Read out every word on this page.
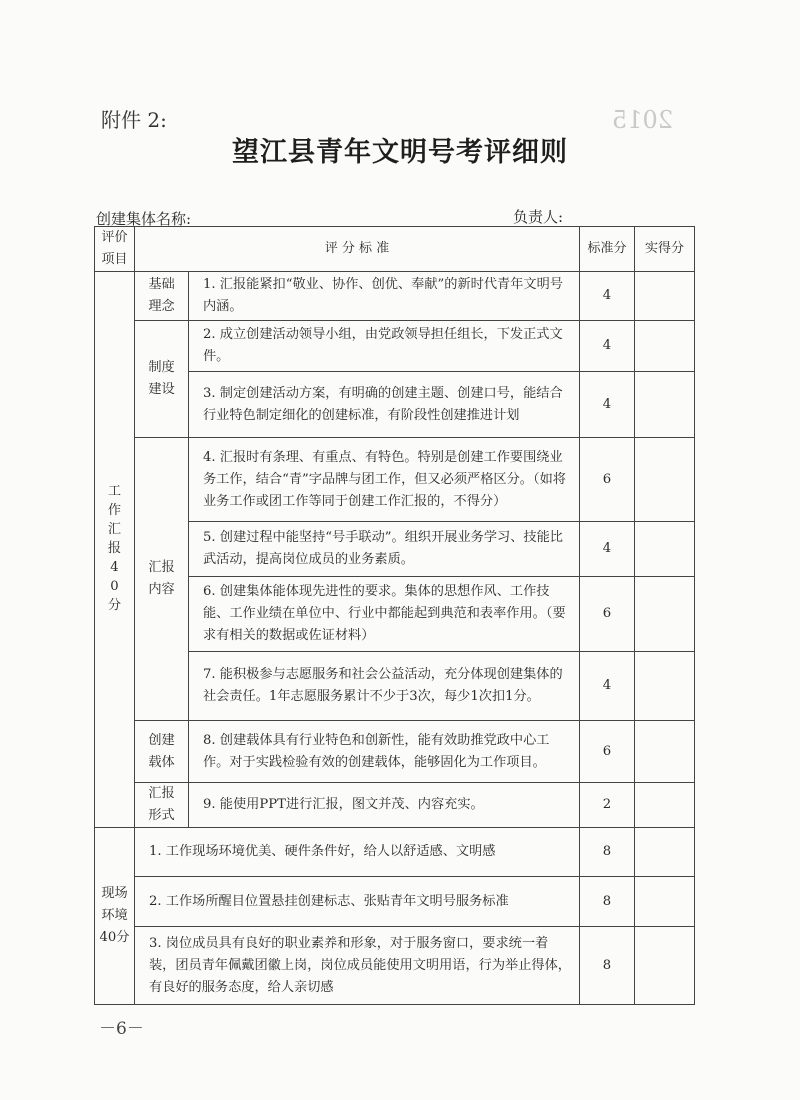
2015
附件 2:
望江县青年文明号考评细则
创建集体名称:	负责人:
评价项目	评 分 标 准		标准分	实得分
工作汇报40分	基础理念	1. 汇报能紧扣“敬业、协作、创优、奉献”的新时代青年文明号内涵。	4	
	制度建设	2. 成立创建活动领导小组，由党政领导担任组长，下发正式文件。	4	
		3. 制定创建活动方案，有明确的创建主题、创建口号，能结合行业特色制定细化的创建标准，有阶段性创建推进计划	4	
	汇报内容	4. 汇报时有条理、有重点、有特色。特别是创建工作要围绕业务工作，结合“青”字品牌与团工作，但又必须严格区分。（如将业务工作或团工作等同于创建工作汇报的，不得分）	6	
		5. 创建过程中能坚持“号手联动”。组织开展业务学习、技能比武活动，提高岗位成员的业务素质。	4	
		6. 创建集体能体现先进性的要求。集体的思想作风、工作技能、工作业绩在单位中、行业中都能起到典范和表率作用。（要求有相关的数据或佐证材料）	6	
		7. 能积极参与志愿服务和社会公益活动，充分体现创建集体的社会责任。1年志愿服务累计不少于3次，每少1次扣1分。	4	
	创建载体	8. 创建载体具有行业特色和创新性，能有效助推党政中心工作。对于实践检验有效的创建载体，能够固化为工作项目。	6	
	汇报形式	9. 能使用PPT进行汇报，图文并茂、内容充实。	2	
现场环境40分	1. 工作现场环境优美、硬件条件好，给人以舒适感、文明感		8	
	2. 工作场所醒目位置悬挂创建标志、张贴青年文明号服务标准		8	
	3. 岗位成员具有良好的职业素养和形象，对于服务窗口，要求统一着装，团员青年佩戴团徽上岗，岗位成员能使用文明用语，行为举止得体，有良好的服务态度，给人亲切感		8	
－6－
